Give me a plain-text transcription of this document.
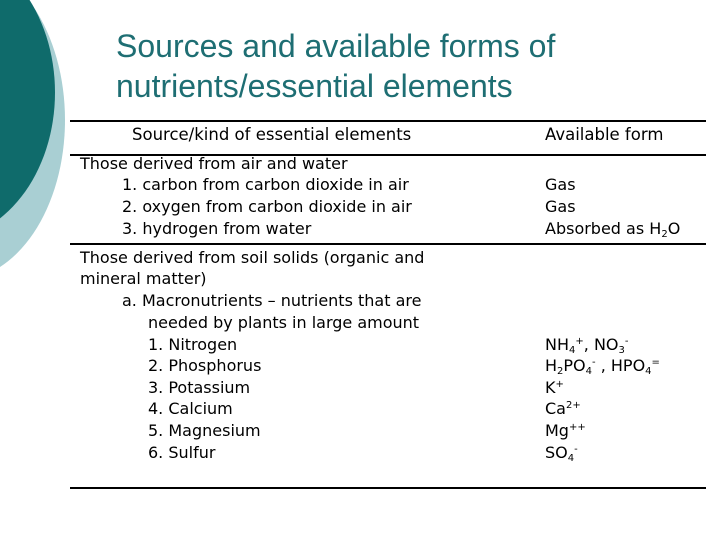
Sources and available forms of
nutrients/essential elements
Source/kind of essential elements	Available form
Those derived from air and water
1. carbon from carbon dioxide in air
2. oxygen from carbon dioxide in air
3. hydrogen from water
Gas
Gas
Absorbed as $H_2O$
Those derived from soil solids (organic and
mineral matter)
a. Macronutrients – nutrients that are
needed by plants in large amount
1. Nitrogen
2. Phosphorus
3. Potassium
4. Calcium
5. Magnesium
6. Sulfur
$NH_4^+$, $NO_3^-$
$H_2PO_4^-$ , $HPO_4^=$
K+
$Ca^{2+}$
Mg++
$SO_4^-$
